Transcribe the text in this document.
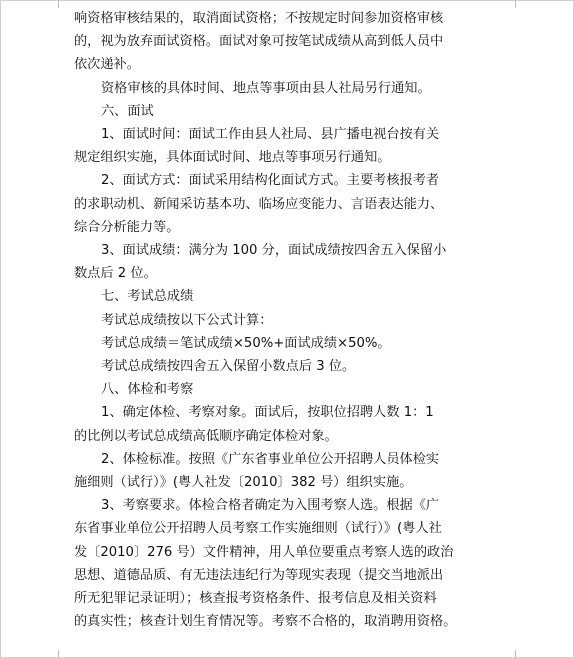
响资格审核结果的，取消面试资格；不按规定时间参加资格审核

的，视为放弃面试资格。面试对象可按笔试成绩从高到低人员中

依次递补。

资格审核的具体时间、地点等事项由县人社局另行通知。

六、面试

1、面试时间：面试工作由县人社局、县广播电视台按有关

规定组织实施，具体面试时间、地点等事项另行通知。

2、面试方式：面试采用结构化面试方式。主要考核报考者

的求职动机、新闻采访基本功、临场应变能力、言语表达能力、

综合分析能力等。

3、面试成绩：满分为 100 分，面试成绩按四舍五入保留小

数点后 2 位。

七、考试总成绩

考试总成绩按以下公式计算：

考试总成绩＝笔试成绩×50%+面试成绩×50%。

考试总成绩按四舍五入保留小数点后 3 位。

八、体检和考察

1、确定体检、考察对象。面试后，按职位招聘人数 1：1

的比例以考试总成绩高低顺序确定体检对象。

2、体检标准。按照《广东省事业单位公开招聘人员体检实

施细则（试行）》(粤人社发〔2010〕382 号）组织实施。

3、考察要求。体检合格者确定为入围考察人选。根据《广

东省事业单位公开招聘人员考察工作实施细则（试行）》(粤人社

发〔2010〕276 号）文件精神，用人单位要重点考察人选的政治

思想、道德品质、有无违法违纪行为等现实表现（提交当地派出

所无犯罪记录证明）；核查报考资格条件、报考信息及相关资料

的真实性；核查计划生育情况等。考察不合格的，取消聘用资格。
